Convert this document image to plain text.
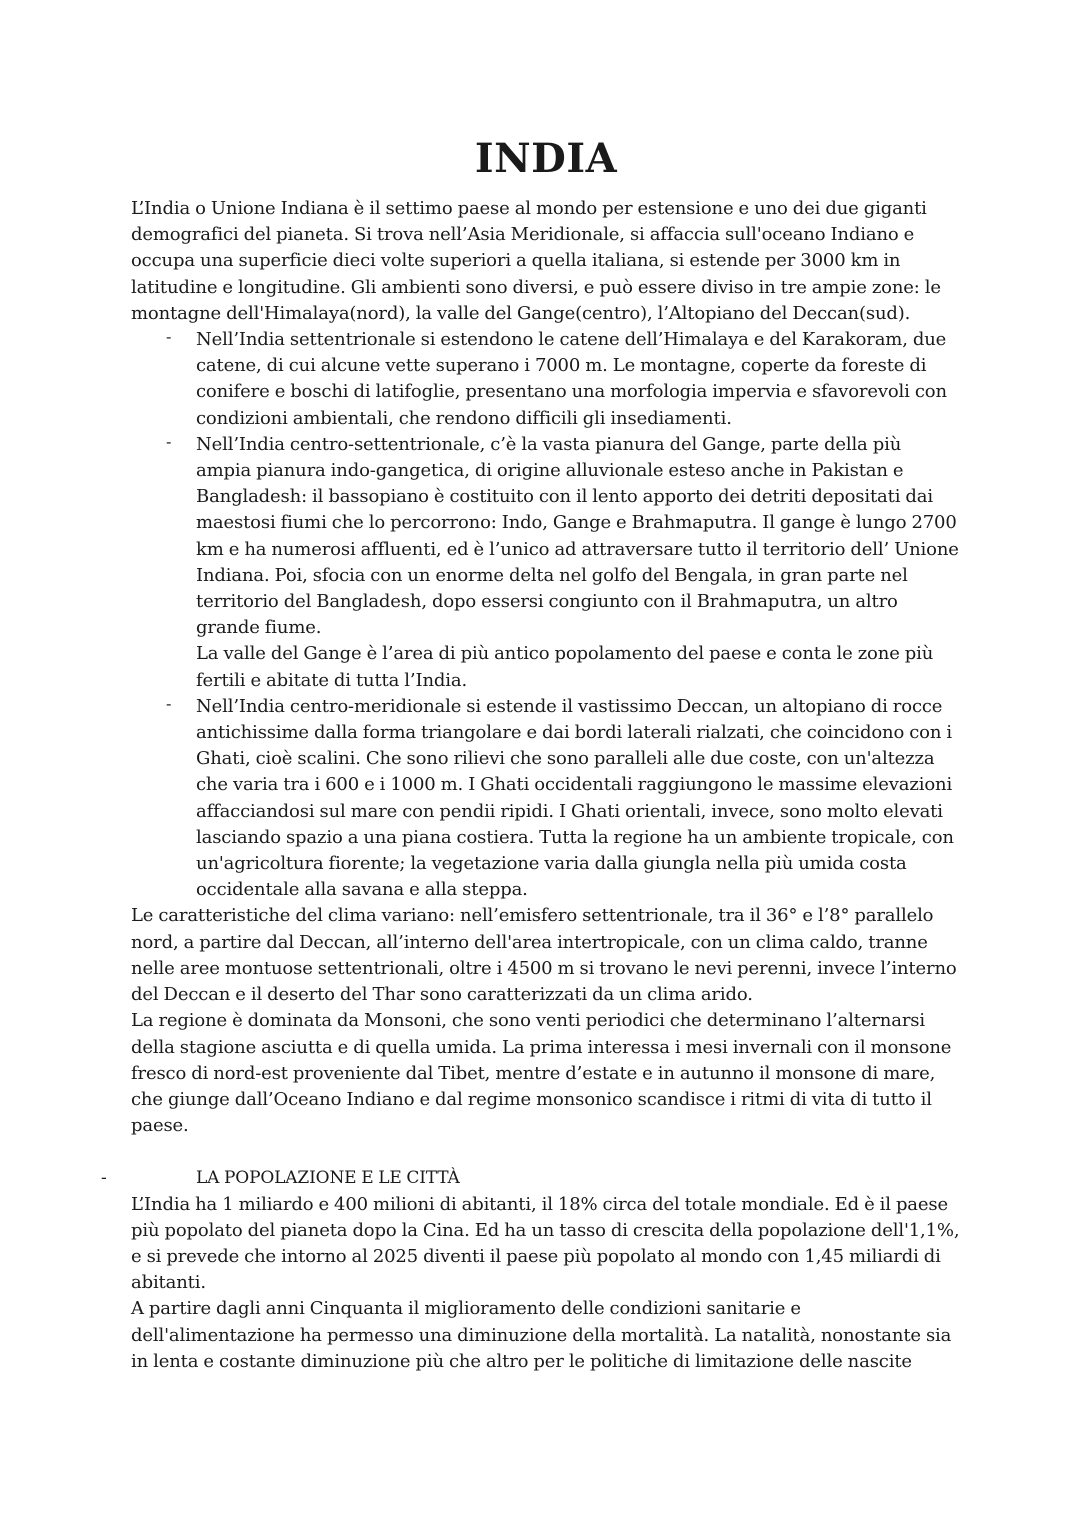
INDIA

L’India o Unione Indiana è il settimo paese al mondo per estensione e uno dei due giganti demografici del pianeta. Si trova nell’Asia Meridionale, si affaccia sull'oceano Indiano e occupa una superficie dieci volte superiori a quella italiana, si estende per 3000 km in latitudine e longitudine. Gli ambienti sono diversi, e può essere diviso in tre ampie zone: le montagne dell'Himalaya(nord), la valle del Gange(centro), l’Altopiano del Deccan(sud).

- Nell’India settentrionale si estendono le catene dell’Himalaya e del Karakoram, due catene, di cui alcune vette superano i 7000 m. Le montagne, coperte da foreste di conifere e boschi di latifoglie, presentano una morfologia impervia e sfavorevoli con condizioni ambientali, che rendono difficili gli insediamenti.

- Nell’India centro-settentrionale, c’è la vasta pianura del Gange, parte della più ampia pianura indo-gangetica, di origine alluvionale esteso anche in Pakistan e Bangladesh: il bassopiano è costituito con il lento apporto dei detriti depositati dai maestosi fiumi che lo percorrono: Indo, Gange e Brahmaputra. Il gange è lungo 2700 km e ha numerosi affluenti, ed è l’unico ad attraversare tutto il territorio dell’ Unione Indiana. Poi, sfocia con un enorme delta nel golfo del Bengala, in gran parte nel territorio del Bangladesh, dopo essersi congiunto con il Brahmaputra, un altro grande fiume.

La valle del Gange è l’area di più antico popolamento del paese e conta le zone più fertili e abitate di tutta l’India.

- Nell’India centro-meridionale si estende il vastissimo Deccan, un altopiano di rocce antichissime dalla forma triangolare e dai bordi laterali rialzati, che coincidono con i Ghati, cioè scalini. Che sono rilievi che sono paralleli alle due coste, con un'altezza che varia tra i 600 e i 1000 m. I Ghati occidentali raggiungono le massime elevazioni affacciandosi sul mare con pendii ripidi. I Ghati orientali, invece, sono molto elevati lasciando spazio a una piana costiera. Tutta la regione ha un ambiente tropicale, con un'agricoltura fiorente; la vegetazione varia dalla giungla nella più umida costa occidentale alla savana e alla steppa.

Le caratteristiche del clima variano: nell’emisfero settentrionale, tra il 36° e l’8° parallelo nord, a partire dal Deccan, all’interno dell'area intertropicale, con un clima caldo, tranne nelle aree montuose settentrionali, oltre i 4500 m si trovano le nevi perenni, invece l’interno del Deccan e il deserto del Thar sono caratterizzati da un clima arido.

La regione è dominata da Monsoni, che sono venti periodici che determinano l’alternarsi della stagione asciutta e di quella umida. La prima interessa i mesi invernali con il monsone fresco di nord-est proveniente dal Tibet, mentre d’estate e in autunno il monsone di mare, che giunge dall’Oceano Indiano e dal regime monsonico scandisce i ritmi di vita di tutto il paese.

-	LA POPOLAZIONE E LE CITTÀ

L’India ha 1 miliardo e 400 milioni di abitanti, il 18% circa del totale mondiale. Ed è il paese più popolato del pianeta dopo la Cina. Ed ha un tasso di crescita della popolazione dell'1,1%, e si prevede che intorno al 2025 diventi il paese più popolato al mondo con 1,45 miliardi di abitanti.

A partire dagli anni Cinquanta il miglioramento delle condizioni sanitarie e dell'alimentazione ha permesso una diminuzione della mortalità. La natalità, nonostante sia in lenta e costante diminuzione più che altro per le politiche di limitazione delle nascite
